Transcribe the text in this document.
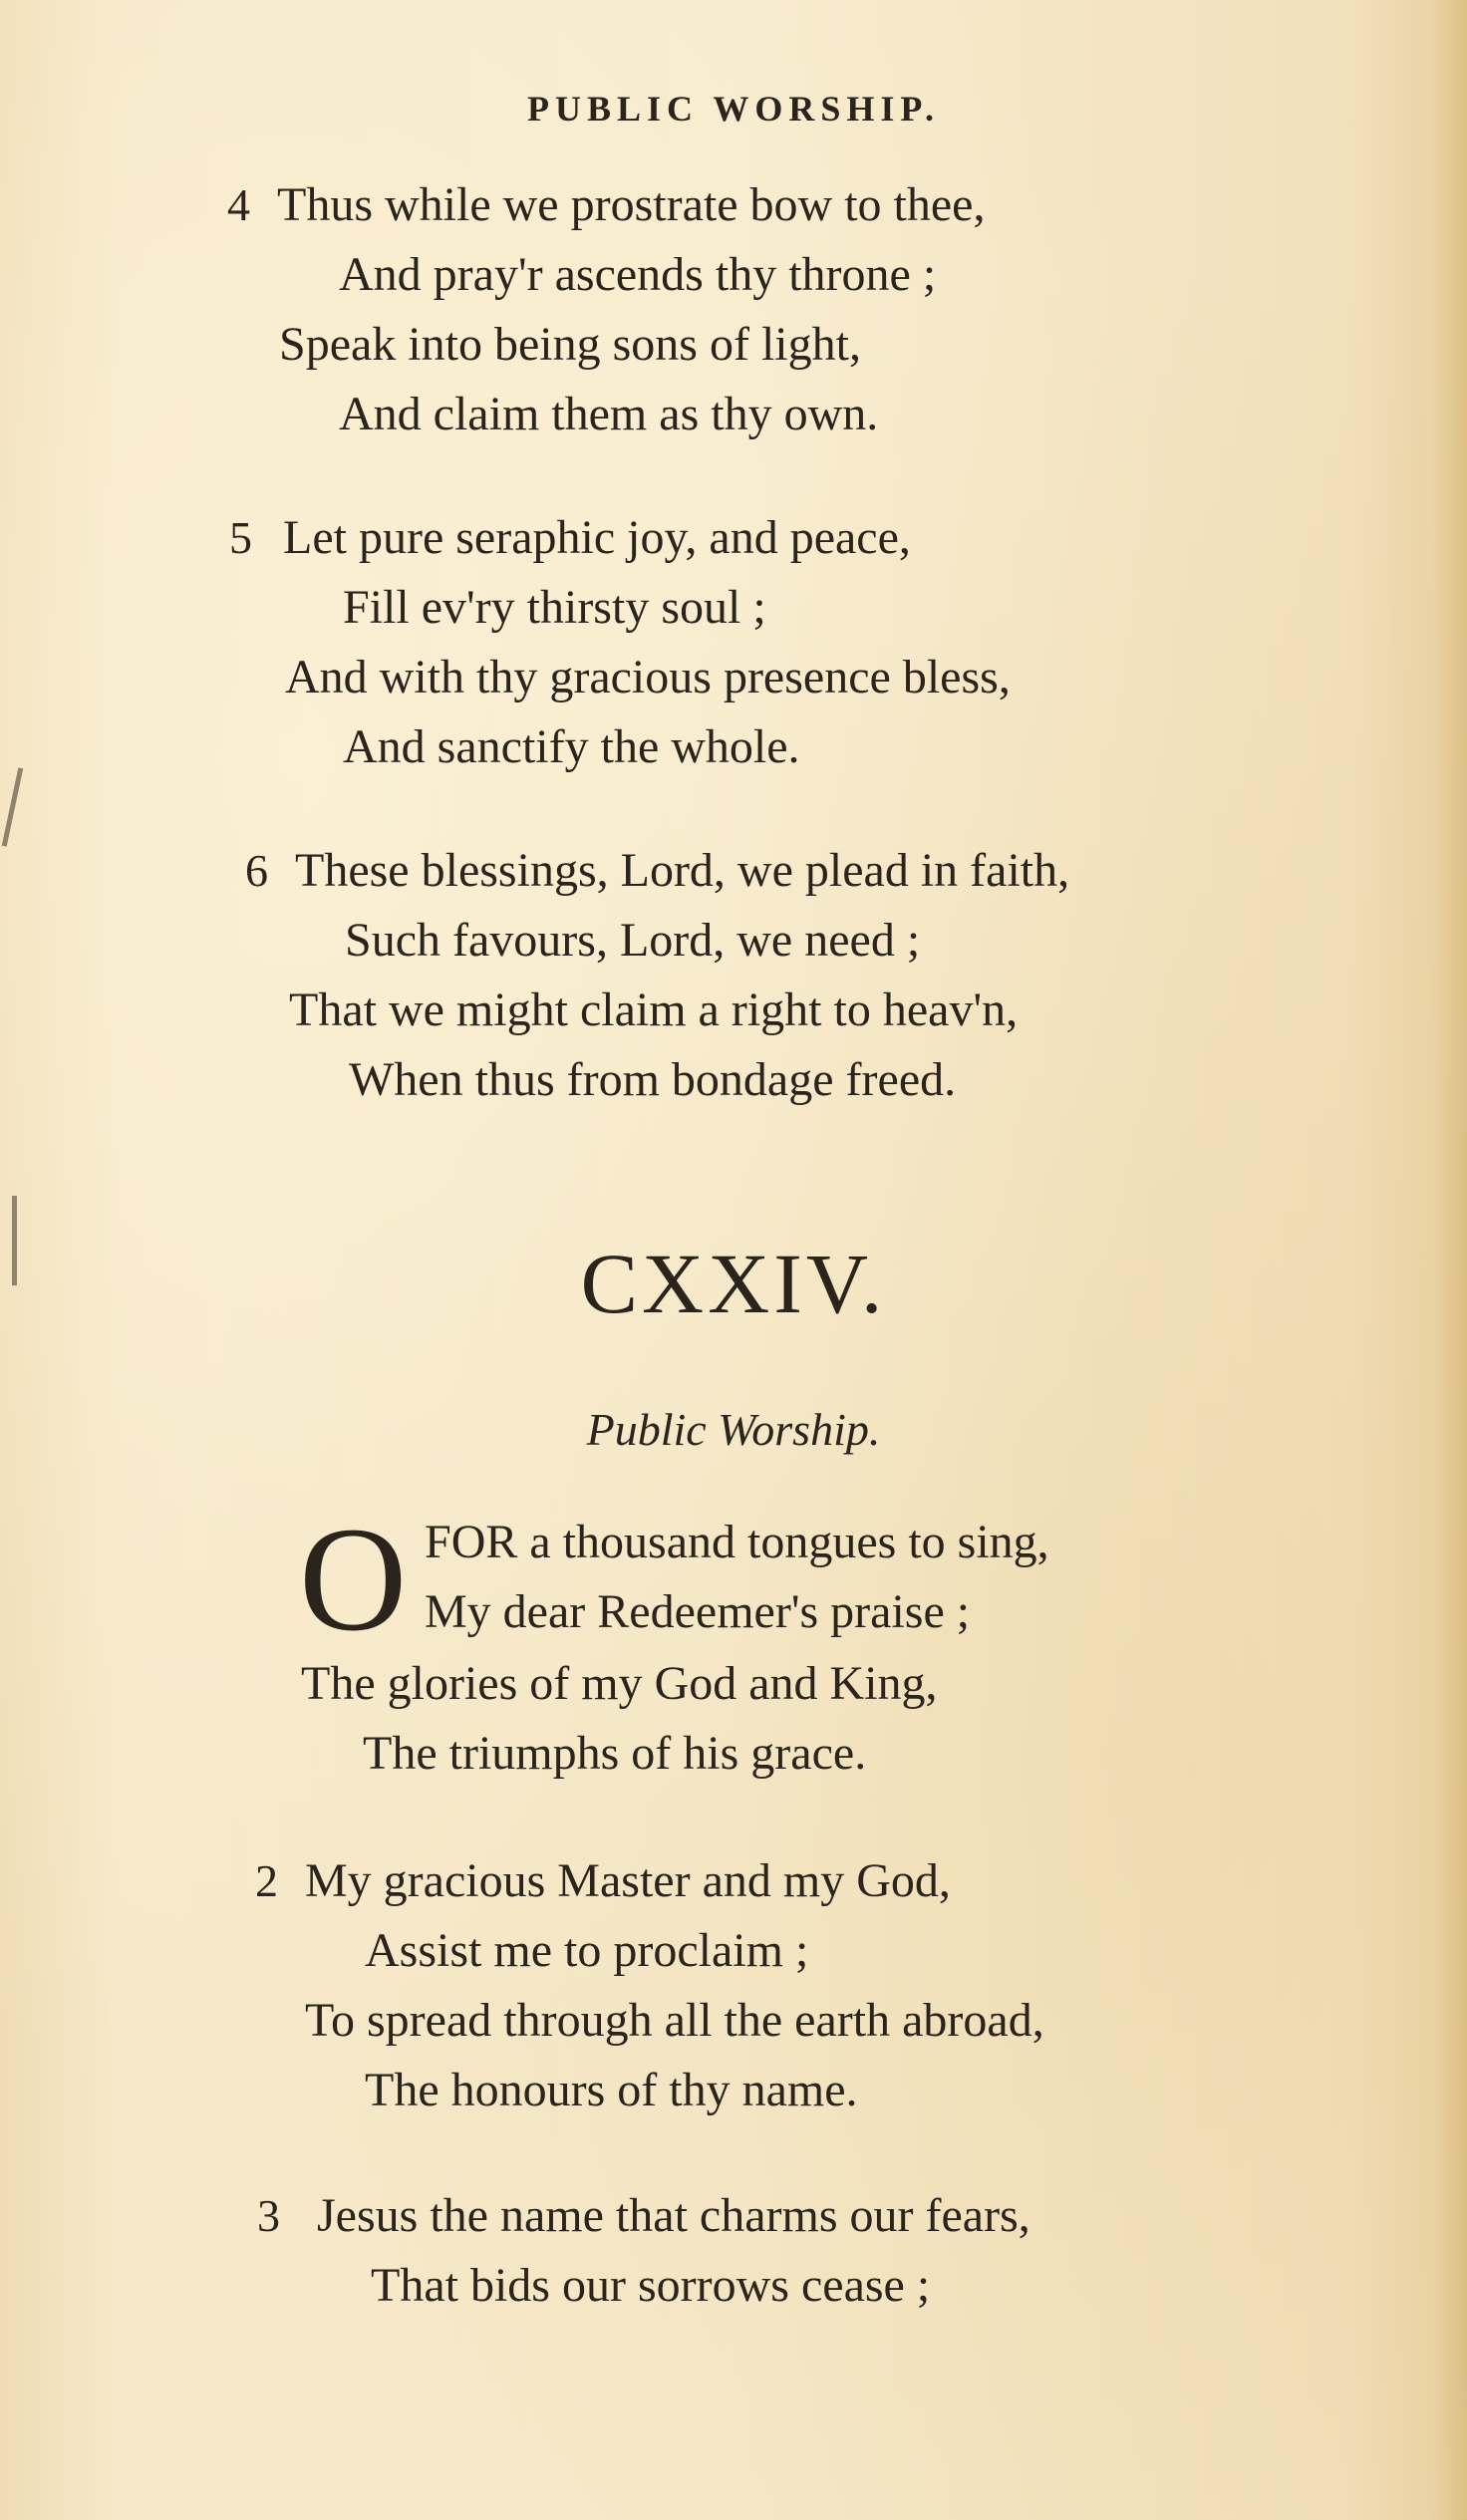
PUBLIC WORSHIP.
4 Thus while we prostrate bow to thee,
And pray'r ascends thy throne ;
Speak into being sons of light,
And claim them as thy own.
5 Let pure seraphic joy, and peace,
Fill ev'ry thirsty soul ;
And with thy gracious presence bless,
And sanctify the whole.
6 These blessings, Lord, we plead in faith,
Such favours, Lord, we need ;
That we might claim a right to heav'n,
When thus from bondage freed.
CXXIV.
Public Worship.
O FOR a thousand tongues to sing,
My dear Redeemer's praise ;
The glories of my God and King,
The triumphs of his grace.
2 My gracious Master and my God,
Assist me to proclaim ;
To spread through all the earth abroad,
The honours of thy name.
3 Jesus the name that charms our fears,
That bids our sorrows cease ;
